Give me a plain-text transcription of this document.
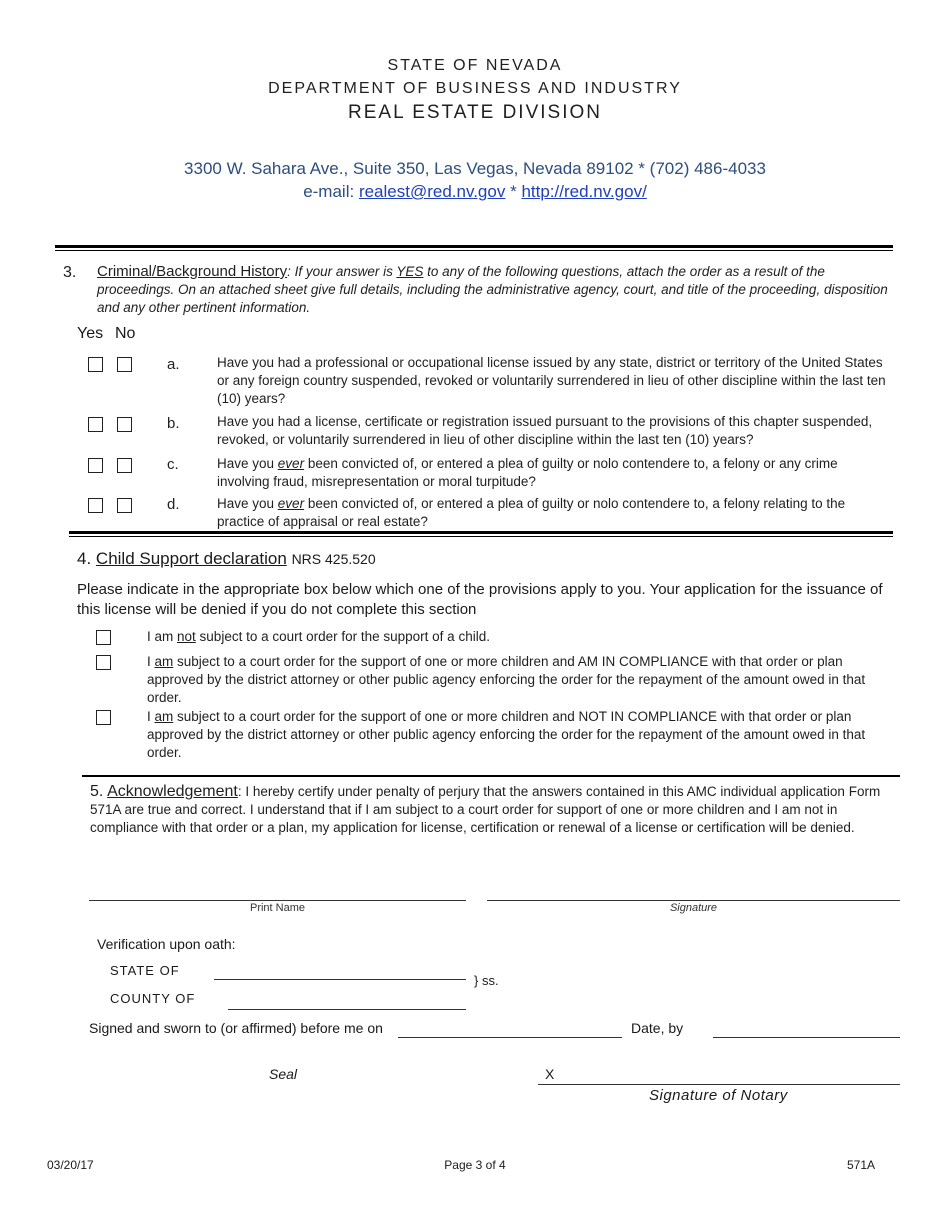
STATE OF NEVADA
DEPARTMENT OF BUSINESS AND INDUSTRY
REAL ESTATE DIVISION
3300 W. Sahara Ave., Suite 350, Las Vegas, Nevada 89102 * (702) 486-4033
e-mail: realest@red.nv.gov * http://red.nv.gov/
3. Criminal/Background History: If your answer is YES to any of the following questions, attach the order as a result of the proceedings. On an attached sheet give full details, including the administrative agency, court, and title of the proceeding, disposition and any other pertinent information.
Yes No
a.	Have you had a professional or occupational license issued by any state, district or territory of the United States or any foreign country suspended, revoked or voluntarily surrendered in lieu of other discipline within the last ten (10) years?
b.	Have you had a license, certificate or registration issued pursuant to the provisions of this chapter suspended, revoked, or voluntarily surrendered in lieu of other discipline within the last ten (10) years?
c.	Have you ever been convicted of, or entered a plea of guilty or nolo contendere to, a felony or any crime involving fraud, misrepresentation or moral turpitude?
d.	Have you ever been convicted of, or entered a plea of guilty or nolo contendere to, a felony relating to the practice of appraisal or real estate?
4. Child Support declaration NRS 425.520
Please indicate in the appropriate box below which one of the provisions apply to you. Your application for the issuance of this license will be denied if you do not complete this section
I am not subject to a court order for the support of a child.
I am subject to a court order for the support of one or more children and AM IN COMPLIANCE with that order or plan approved by the district attorney or other public agency enforcing the order for the repayment of the amount owed in that order.
I am subject to a court order for the support of one or more children and NOT IN COMPLIANCE with that order or plan approved by the district attorney or other public agency enforcing the order for the repayment of the amount owed in that order.
5. Acknowledgement: I hereby certify under penalty of perjury that the answers contained in this AMC individual application Form 571A are true and correct. I understand that if I am subject to a court order for support of one or more children and I am not in compliance with that order or a plan, my application for license, certification or renewal of a license or certification will be denied.
Print Name	Signature
Verification upon oath:
STATE OF
COUNTY OF
} ss.
Signed and sworn to (or affirmed) before me on	Date, by
Seal	X
Signature of Notary
03/20/17	Page 3 of 4	571A
